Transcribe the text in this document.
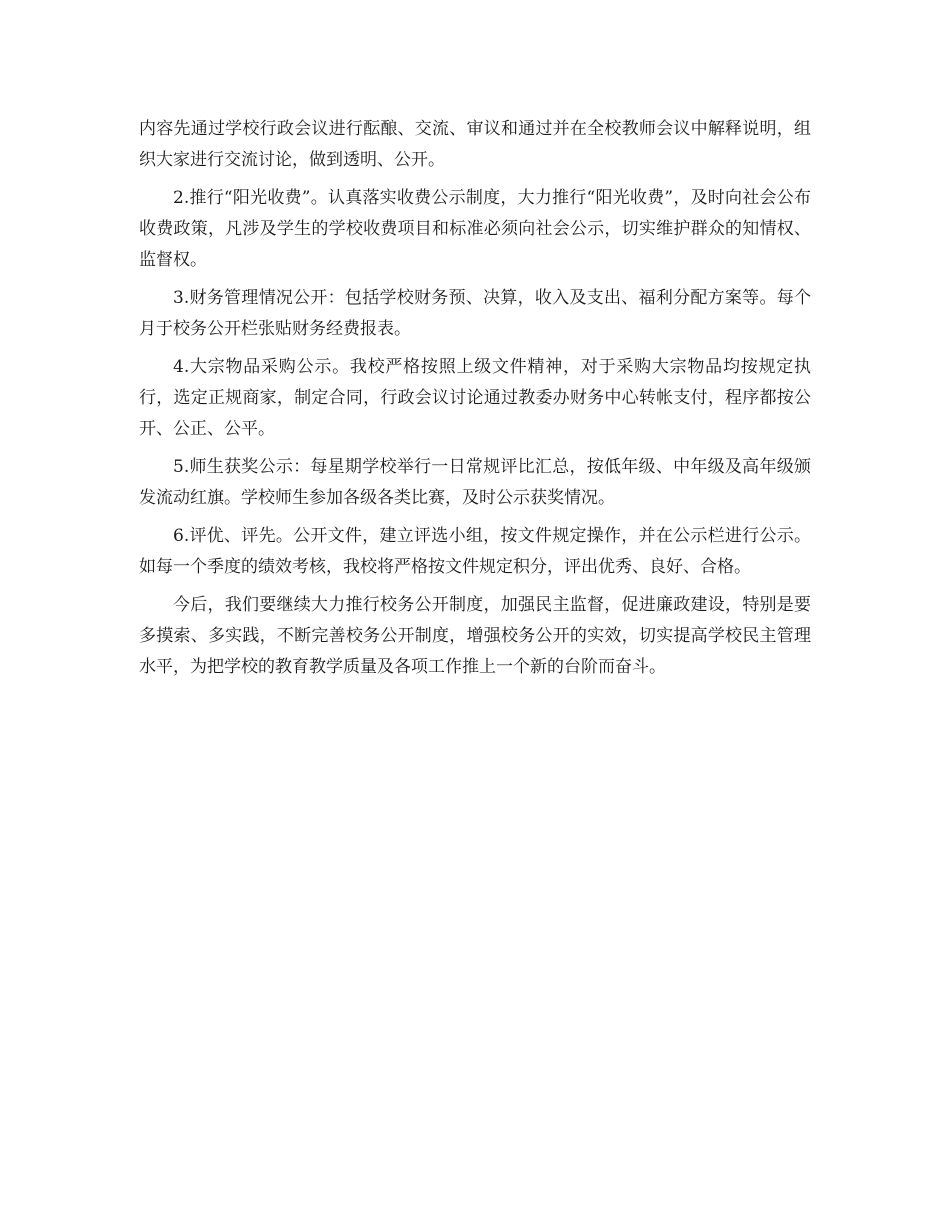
内容先通过学校行政会议进行酝酿、交流、审议和通过并在全校教师会议中解释说明，组织大家进行交流讨论，做到透明、公开。

2.推行“阳光收费”。认真落实收费公示制度，大力推行“阳光收费”，及时向社会公布收费政策，凡涉及学生的学校收费项目和标准必须向社会公示，切实维护群众的知情权、监督权。

3.财务管理情况公开：包括学校财务预、决算，收入及支出、福利分配方案等。每个月于校务公开栏张贴财务经费报表。

4.大宗物品采购公示。我校严格按照上级文件精神，对于采购大宗物品均按规定执行，选定正规商家，制定合同，行政会议讨论通过教委办财务中心转帐支付，程序都按公开、公正、公平。

5.师生获奖公示：每星期学校举行一日常规评比汇总，按低年级、中年级及高年级颁发流动红旗。学校师生参加各级各类比赛，及时公示获奖情况。

6.评优、评先。公开文件，建立评选小组，按文件规定操作，并在公示栏进行公示。如每一个季度的绩效考核，我校将严格按文件规定积分，评出优秀、良好、合格。

今后，我们要继续大力推行校务公开制度，加强民主监督，促进廉政建设，特别是要多摸索、多实践，不断完善校务公开制度，增强校务公开的实效，切实提高学校民主管理水平，为把学校的教育教学质量及各项工作推上一个新的台阶而奋斗。
